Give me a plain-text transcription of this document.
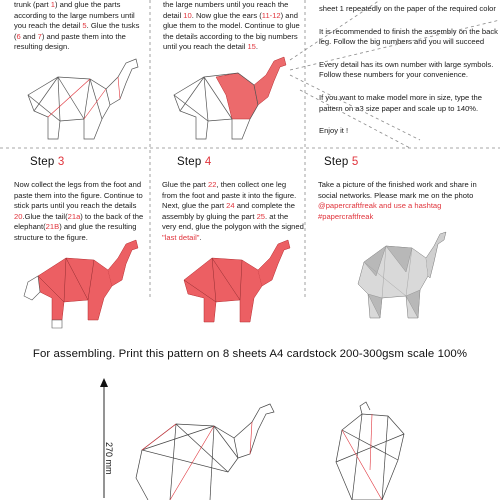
trunk (part 1) and glue the parts
according to the large numbers until
you reach the detail 5. Glue the tusks
(6 and 7) and paste them into the
resulting design.
the large numbers until you reach the
detail 10. Now glue the ears (11-12) and
glue them to the model. Continue to glue
the details according to the big numbers
until you reach the detail 15.
sheet 1 repeatedly on the paper of the required color
It is recommended to finish the assembly on the back
leg. Follow the big numbers and you will succeed
Every detail has its own number with large symbols.
Follow these numbers for your convenience.
If you want to make model more in size, type the
pattern on a3 size paper and scale up to 140%.
Enjoy it !
Step 3	Step 4	Step 5
Now collect the legs from the foot and
paste them into the figure. Continue to
stick parts until you reach the details
20.Glue the tail(21a) to the back of the
elephant(21B) and glue the resulting
structure to the figure.
Glue the part 22, then collect one leg
from the foot and paste it into the figure.
Next, glue the part 24 and complete the
assembly by gluing the part 25. at the
very end, glue the polygon with the signed
"last detail".
Take a picture of the finished work and share in
social networks. Please mark me on the photo
@papercraftfreak and use a hashtag
#papercraftfreak
For assembling. Print this pattern on 8 sheets A4 cardstock 200-300gsm scale 100%
270 mm
